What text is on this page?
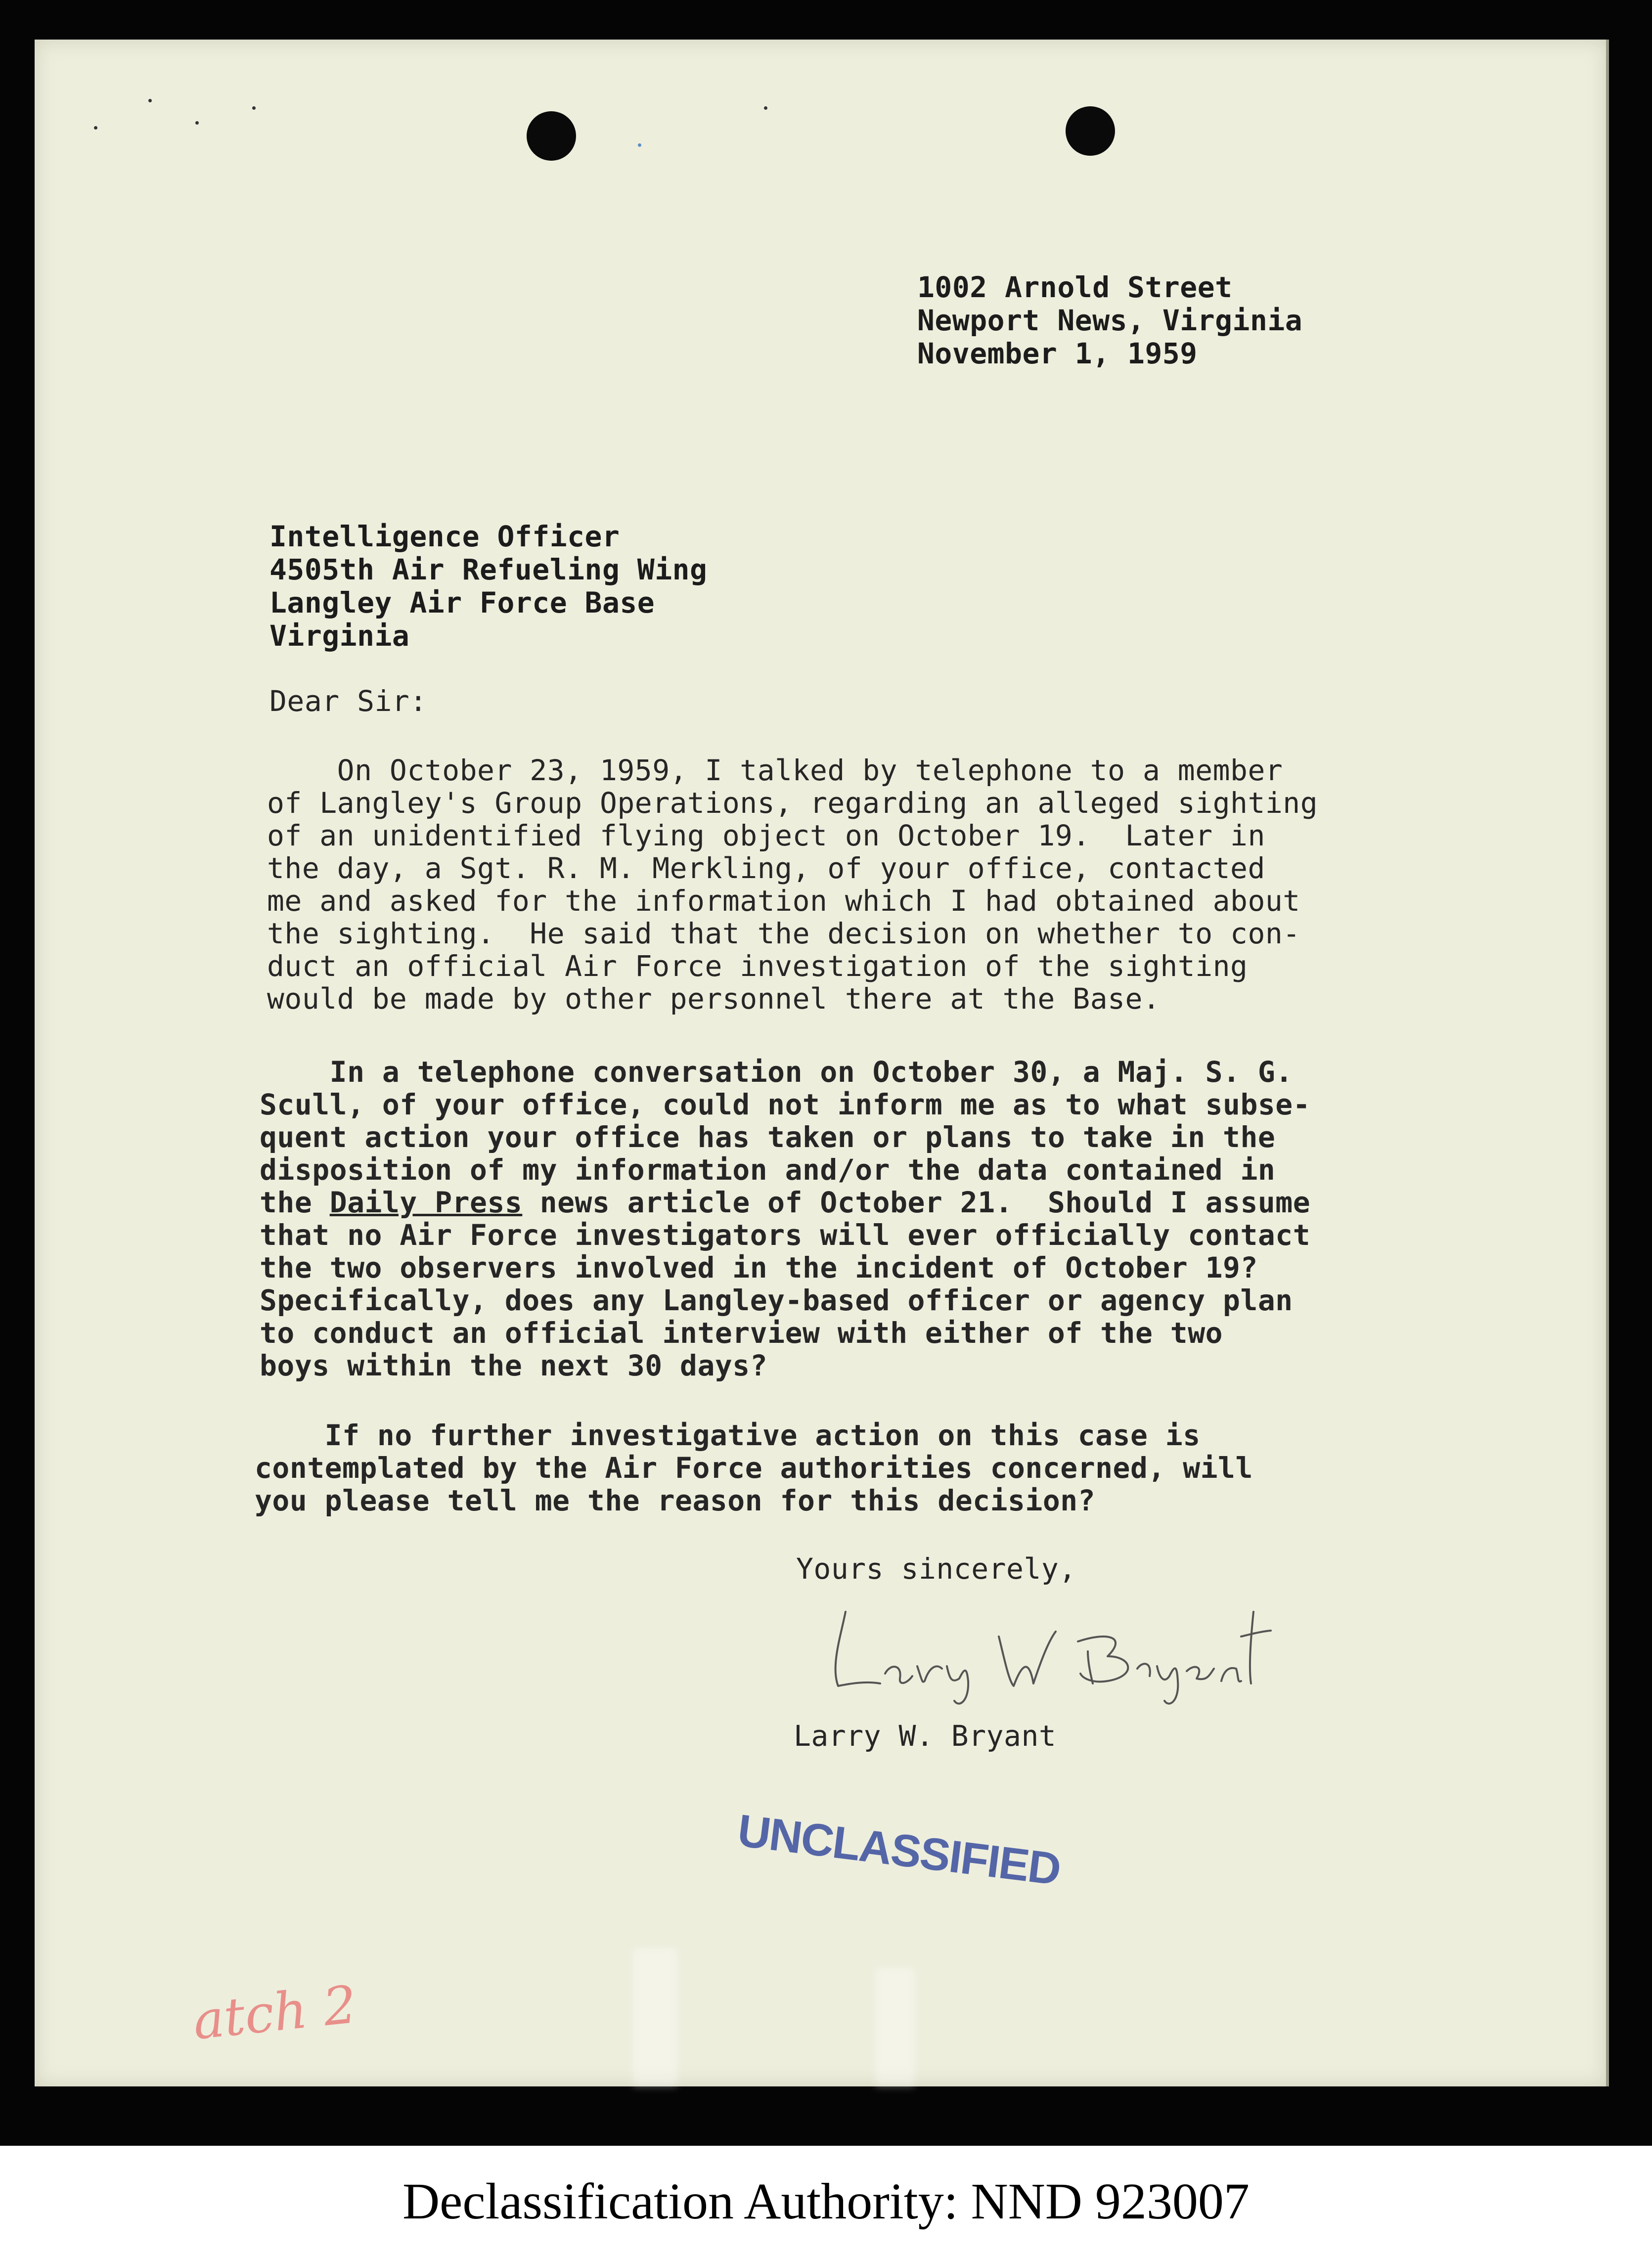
1002 Arnold Street
Newport News, Virginia
November 1, 1959
Intelligence Officer
4505th Air Refueling Wing
Langley Air Force Base
Virginia
Dear Sir:
On October 23, 1959, I talked by telephone to a member
of Langley's Group Operations, regarding an alleged sighting
of an unidentified flying object on October 19.  Later in
the day, a Sgt. R. M. Merkling, of your office, contacted
me and asked for the information which I had obtained about
the sighting.  He said that the decision on whether to con-
duct an official Air Force investigation of the sighting
would be made by other personnel there at the Base.
In a telephone conversation on October 30, a Maj. S. G.
Scull, of your office, could not inform me as to what subse-
quent action your office has taken or plans to take in the
disposition of my information and/or the data contained in
the Daily Press news article of October 21.  Should I assume
that no Air Force investigators will ever officially contact
the two observers involved in the incident of October 19?
Specifically, does any Langley-based officer or agency plan
to conduct an official interview with either of the two
boys within the next 30 days?
If no further investigative action on this case is
contemplated by the Air Force authorities concerned, will
you please tell me the reason for this decision?
Yours sincerely,
Larry W. Bryant
UNCLASSIFIED
atch 2
Declassification Authority: NND 923007
